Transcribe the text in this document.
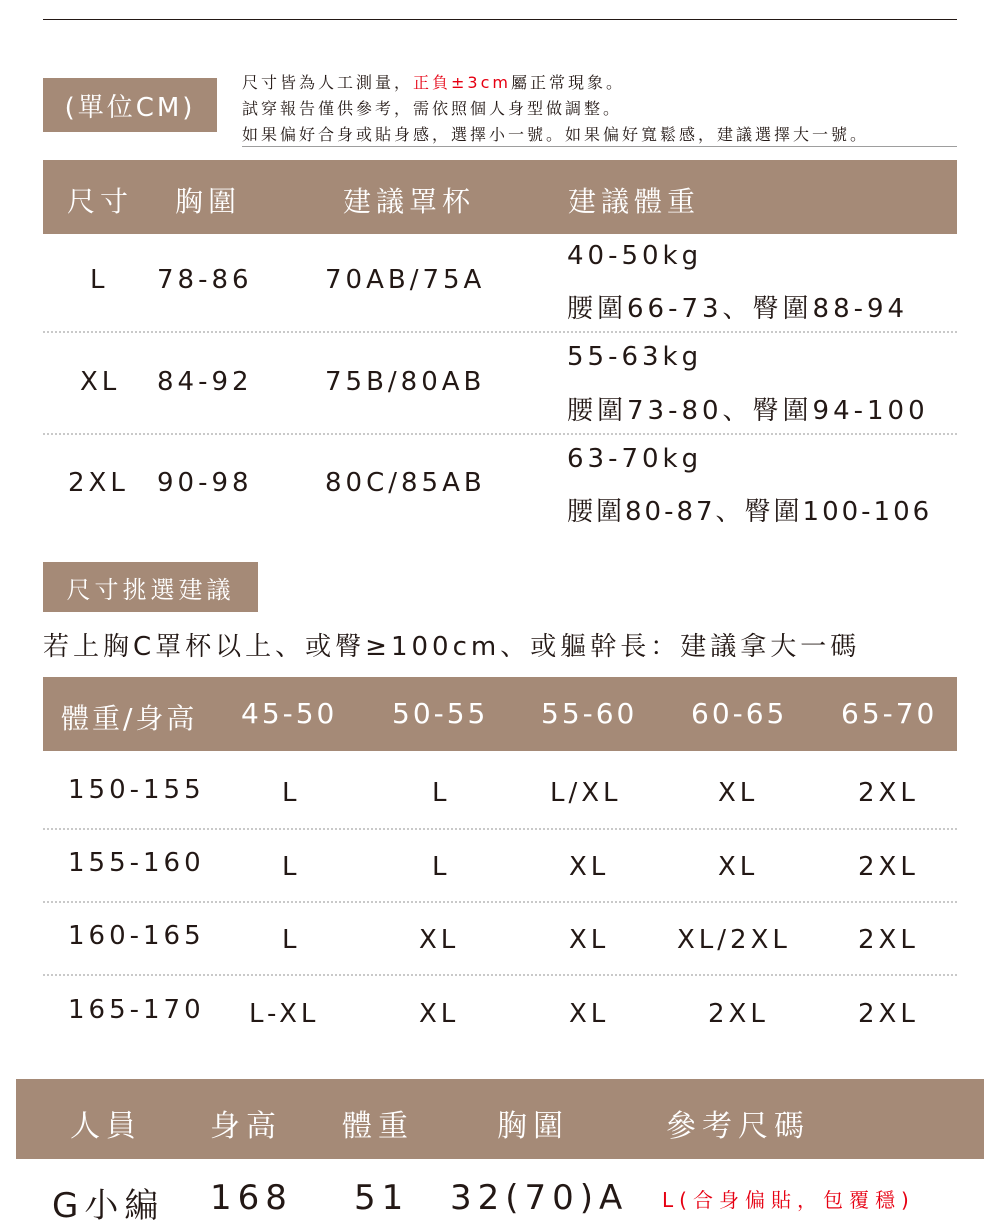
(單位CM)
尺寸皆為人工測量，正負±3cm屬正常現象。
試穿報告僅供參考，需依照個人身型做調整。
如果偏好合身或貼身感，選擇小一號。如果偏好寬鬆感，建議選擇大一號。
尺寸 胸圍	建議罩杯	建議體重
L 78-86	70AB/75A
40-50kg
腰圍66-73、臀圍88-94
XL 84-92	75B/80AB
55-63kg
腰圍73-80、臀圍94-100
2XL 90-98	80C/85AB
63-70kg
腰圍80-87、臀圍100-106
尺寸挑選建議
若上胸C罩杯以上、或臀≥100cm、或軀幹長：建議拿大一碼
體重/身高 45-50 50-55 55-60 60-65 65-70
150-155	L	L	L/XL	XL	2XL
155-160	L	L	XL	XL	2XL
160-165	L	XL	XL	XL/2XL	2XL
165-170 L-XL	XL	XL	2XL	2XL
人員 身高 體重	胸圍	參考尺碼
G小編 168 51 32(70)A L(合身偏貼，包覆穩)
